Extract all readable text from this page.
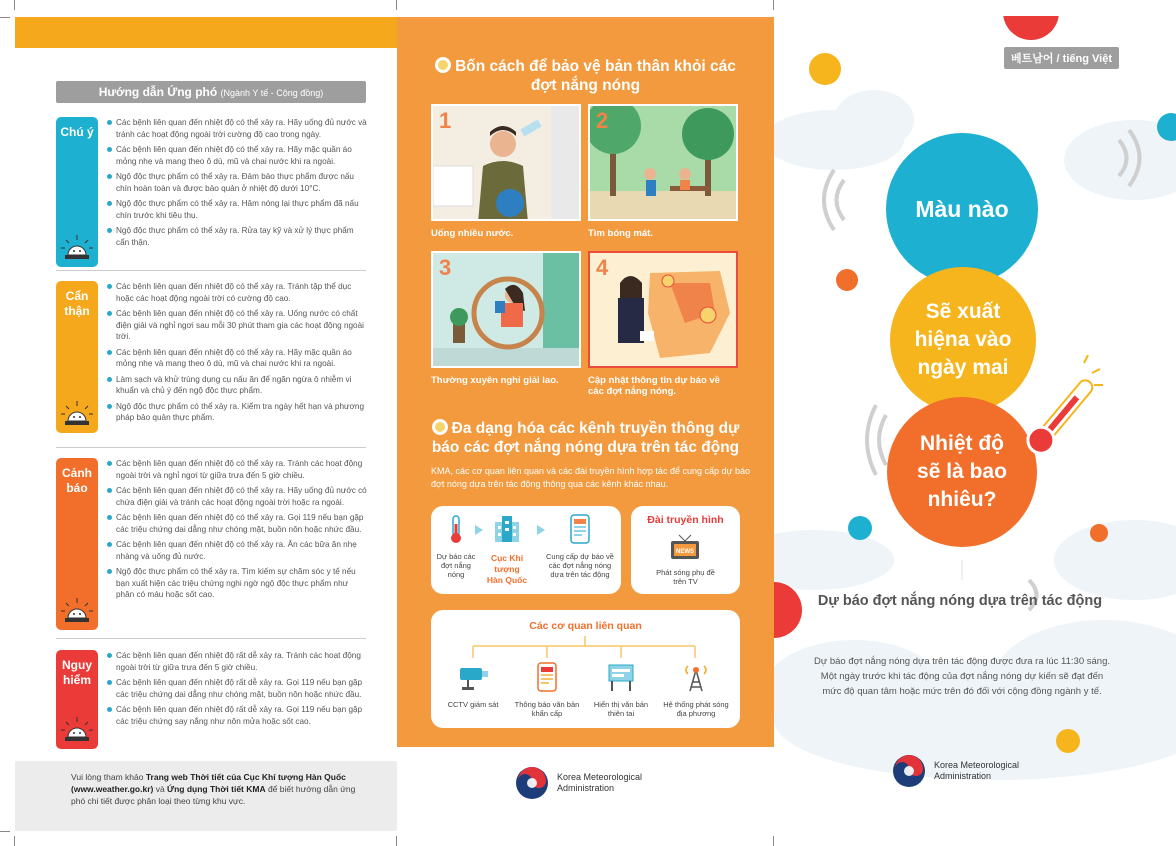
Hướng dẫn Ứng phó (Ngành Y tế - Cộng đồng)
Chú ý
Các bệnh liên quan đến nhiệt độ có thể xảy ra. Hãy uống đủ nước và tránh các hoạt động ngoài trời cường độ cao trong ngày.
Các bệnh liên quan đến nhiệt độ có thể xảy ra. Hãy mặc quần áo mỏng nhẹ và mang theo ô dù, mũ và chai nước khi ra ngoài.
Ngộ độc thực phẩm có thể xảy ra. Đảm bảo thực phẩm được nấu chín hoàn toàn và được bảo quản ở nhiệt độ dưới 10°C.
Ngộ độc thực phẩm có thể xảy ra. Hâm nóng lại thực phẩm đã nấu chín trước khi tiêu thụ.
Ngộ độc thực phẩm có thể xảy ra. Rửa tay kỹ và xử lý thực phẩm cẩn thận.
Cẩn
thận
Các bệnh liên quan đến nhiệt độ có thể xảy ra. Tránh tập thể dục hoặc các hoạt động ngoài trời có cường độ cao.
Các bệnh liên quan đến nhiệt độ có thể xảy ra. Uống nước có chất điện giải và nghỉ ngơi sau mỗi 30 phút tham gia các hoạt động ngoài trời.
Các bệnh liên quan đến nhiệt độ có thể xảy ra. Hãy mặc quần áo mỏng nhẹ và mang theo ô dù, mũ và chai nước khi ra ngoài.
Làm sạch và khử trùng dụng cụ nấu ăn để ngăn ngừa ô nhiễm vi khuẩn và chủ ý đến ngộ độc thực phẩm.
Ngộ độc thực phẩm có thể xảy ra. Kiểm tra ngày hết hạn và phương pháp bảo quản thực phẩm.
Cảnh
báo
Các bệnh liên quan đến nhiệt độ có thể xảy ra. Tránh các hoạt động ngoài trời và nghỉ ngơi từ giữa trưa đến 5 giờ chiều.
Các bệnh liên quan đến nhiệt độ có thể xảy ra. Hãy uống đủ nước có chứa điện giải và tránh các hoạt động ngoài trời hoặc ra ngoài.
Các bệnh liên quan đến nhiệt độ có thể xảy ra. Gọi 119 nếu bạn gặp các triệu chứng dai dẳng như chóng mặt, buồn nôn hoặc nhức đầu.
Các bệnh liên quan đến nhiệt độ có thể xảy ra. Ăn các bữa ăn nhẹ nhàng và uống đủ nước.
Ngộ độc thực phẩm có thể xảy ra. Tìm kiếm sự chăm sóc y tế nếu bạn xuất hiện các triệu chứng nghi ngờ ngộ độc thực phẩm như phân có máu hoặc sốt cao.
Nguy
hiểm
Các bệnh liên quan đến nhiệt độ rất dễ xảy ra. Tránh các hoạt động ngoài trời từ giữa trưa đến 5 giờ chiều.
Các bệnh liên quan đến nhiệt độ rất dễ xảy ra. Gọi 119 nếu bạn gặp các triệu chứng dai dẳng như chóng mặt, buồn nôn hoặc nhức đầu.
Các bệnh liên quan đến nhiệt độ rất dễ xảy ra. Gọi 119 nếu bạn gặp các triệu chứng say nắng như nôn mửa hoặc sốt cao.
Vui lòng tham khảo Trang web Thời tiết của Cục Khí tượng Hàn Quốc (www.weather.go.kr) và Ứng dụng Thời tiết KMA để biết hướng dẫn ứng phó chi tiết được phân loại theo từng khu vực.
Bốn cách để bảo vệ bản thân khỏi các
đợt nắng nóng
1
Uống nhiều nước.
2
Tìm bóng mát.
3
Thường xuyên nghỉ giải lao.
4
Cập nhật thông tin dự báo về
các đợt nắng nóng.
Đa dạng hóa các kênh truyền thông dự
báo các đợt nắng nóng dựa trên tác động
KMA, các cơ quan liên quan và các đài truyền hình hợp tác để cung cấp dự báo đợt nóng dựa trên tác động thông qua các kênh khác nhau.
Dự báo các
đợt nắng
nóng
Cục Khí tượng
Hàn Quốc
Cung cấp dự báo về
các đợt nắng nóng
dựa trên tác động
Đài truyền hình
NEWS
Phát sóng phụ đề
trên TV
Các cơ quan liên quan
CCTV giám sát	Thông báo văn bản
khẩn cấp
Hiển thị văn bản
thiên tai
Hệ thống phát sóng
địa phương
Korea Meteorological
Administration
베트남어 / tiếng Việt
Màu nào
Sẽ xuất
hiệna vào
ngày mai
Nhiệt độ
sẽ là bao
nhiêu?
Dự báo đợt nắng nóng dựa trên tác động
Dự báo đợt nắng nóng dựa trên tác động được đưa ra lúc 11:30 sáng.
Một ngày trước khi tác động của đợt nắng nóng dự kiến sẽ đạt đến
mức độ quan tâm hoặc mức trên đó đối với cộng đồng ngành y tế.
Korea Meteorological
Administration
